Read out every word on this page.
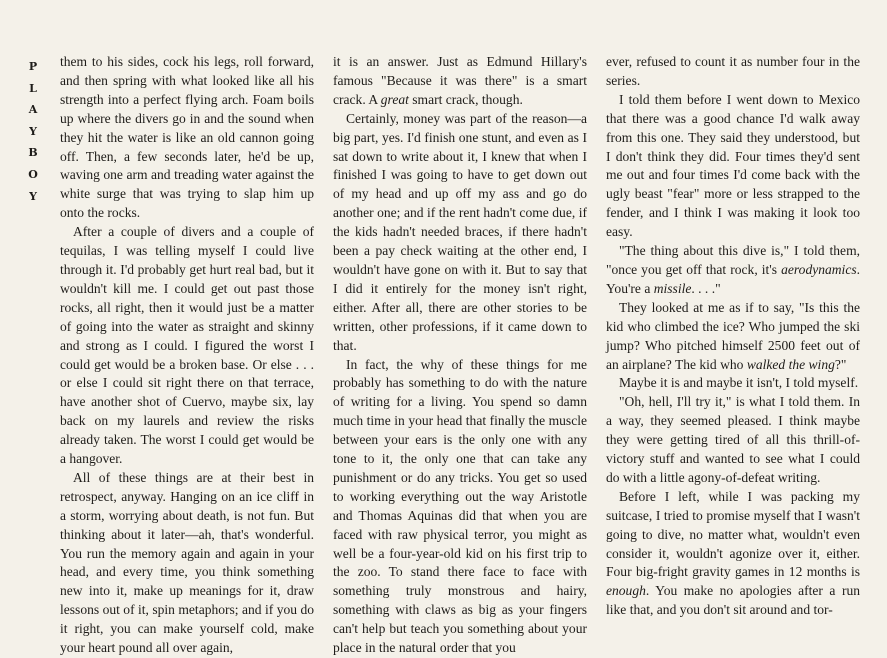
P
L
A
Y
B
O
Y

them to his sides, cock his legs, roll forward, and then spring with what looked like all his strength into a perfect flying arch. Foam boils up where the divers go in and the sound when they hit the water is like an old cannon going off. Then, a few seconds later, he'd be up, waving one arm and treading water against the white surge that was trying to slap him up onto the rocks.

After a couple of divers and a couple of tequilas, I was telling myself I could live through it. I'd probably get hurt real bad, but it wouldn't kill me. I could get out past those rocks, all right, then it would just be a matter of going into the water as straight and skinny and strong as I could. I figured the worst I could get would be a broken base. Or else . . . or else I could sit right there on that terrace, have another shot of Cuervo, maybe six, lay back on my laurels and review the risks already taken. The worst I could get would be a hangover.

All of these things are at their best in retrospect, anyway. Hanging on an ice cliff in a storm, worrying about death, is not fun. But thinking about it later—ah, that's wonderful. You run the memory again and again in your head, and every time, you think something new into it, make up meanings for it, draw lessons out of it, spin metaphors; and if you do it right, you can make yourself cold, make your heart pound all over again,

it is an answer. Just as Edmund Hillary's famous "Because it was there" is a smart crack. A great smart crack, though.

Certainly, money was part of the reason—a big part, yes. I'd finish one stunt, and even as I sat down to write about it, I knew that when I finished I was going to have to get down out of my head and up off my ass and go do another one; and if the rent hadn't come due, if the kids hadn't needed braces, if there hadn't been a pay check waiting at the other end, I wouldn't have gone on with it. But to say that I did it entirely for the money isn't right, either. After all, there are other stories to be written, other professions, if it came down to that.

In fact, the why of these things for me probably has something to do with the nature of writing for a living. You spend so damn much time in your head that finally the muscle between your ears is the only one with any tone to it, the only one that can take any punishment or do any tricks. You get so used to working everything out the way Aristotle and Thomas Aquinas did that when you are faced with raw physical terror, you might as well be a four-year-old kid on his first trip to the zoo. To stand there face to face with something truly monstrous and hairy, something with claws as big as your fingers can't help but teach you something about your place in the natural order that you

ever, refused to count it as number four in the series.

I told them before I went down to Mexico that there was a good chance I'd walk away from this one. They said they understood, but I don't think they did. Four times they'd sent me out and four times I'd come back with the ugly beast "fear" more or less strapped to the fender, and I think I was making it look too easy.

"The thing about this dive is," I told them, "once you get off that rock, it's aerodynamics. You're a missile. . . ."

They looked at me as if to say, "Is this the kid who climbed the ice? Who jumped the ski jump? Who pitched himself 2500 feet out of an airplane? The kid who walked the wing?"

Maybe it is and maybe it isn't, I told myself.

"Oh, hell, I'll try it," is what I told them. In a way, they seemed pleased. I think maybe they were getting tired of all this thrill-of-victory stuff and wanted to see what I could do with a little agony-of-defeat writing.

Before I left, while I was packing my suitcase, I tried to promise myself that I wasn't going to dive, no matter what, wouldn't even consider it, wouldn't agonize over it, either. Four big-fright gravity games in 12 months is enough. You make no apologies after a run like that, and you don't sit around and tor-
